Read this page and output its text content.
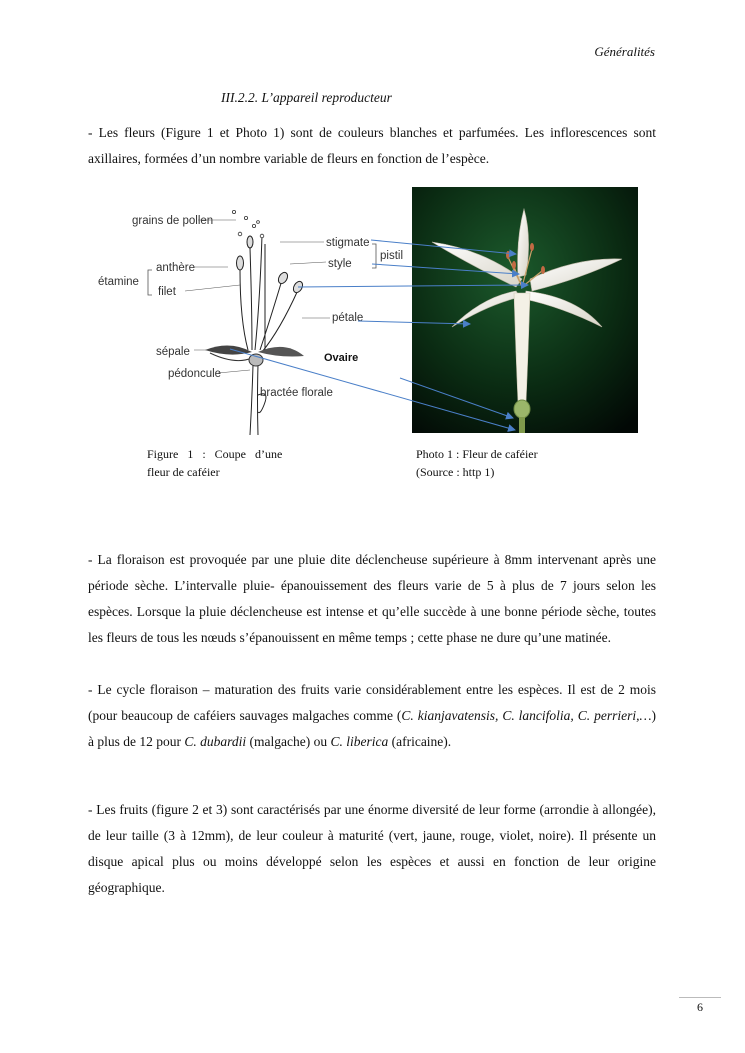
Généralités
III.2.2. L’appareil reproducteur
- Les fleurs (Figure 1 et Photo 1) sont de couleurs blanches et parfumées. Les inflorescences sont axillaires, formées d’un nombre variable de fleurs en fonction de l’espèce.
grains de pollen
stigmate
style
pistil
anthère
étamine
filet
pétale
sépale	Ovaire
pédoncule
bractée florale
Figure 1 : Coupe d’une
fleur de caféier
Photo 1 : Fleur de caféier
(Source : http 1)
- La floraison est provoquée par une pluie dite déclencheuse supérieure à 8mm intervenant après une période sèche. L’intervalle pluie- épanouissement des fleurs varie de 5 à plus de 7 jours selon les espèces. Lorsque la pluie déclencheuse est intense et qu’elle succède à une bonne période sèche, toutes les fleurs de tous les nœuds s’épanouissent en même temps ; cette phase ne dure qu’une matinée.
- Le cycle floraison – maturation des fruits varie considérablement entre les espèces. Il est de 2 mois (pour beaucoup de caféiers sauvages malgaches comme (C. kianjavatensis, C. lancifolia, C. perrieri,…) à plus de 12 pour C. dubardii (malgache) ou C. liberica (africaine).
- Les fruits (figure 2 et 3) sont caractérisés par une énorme diversité de leur forme (arrondie à allongée), de leur taille (3 à 12mm), de leur couleur à maturité (vert, jaune, rouge, violet, noire). Il présente un disque apical plus ou moins développé selon les espèces et aussi en fonction de leur origine géographique.
6
